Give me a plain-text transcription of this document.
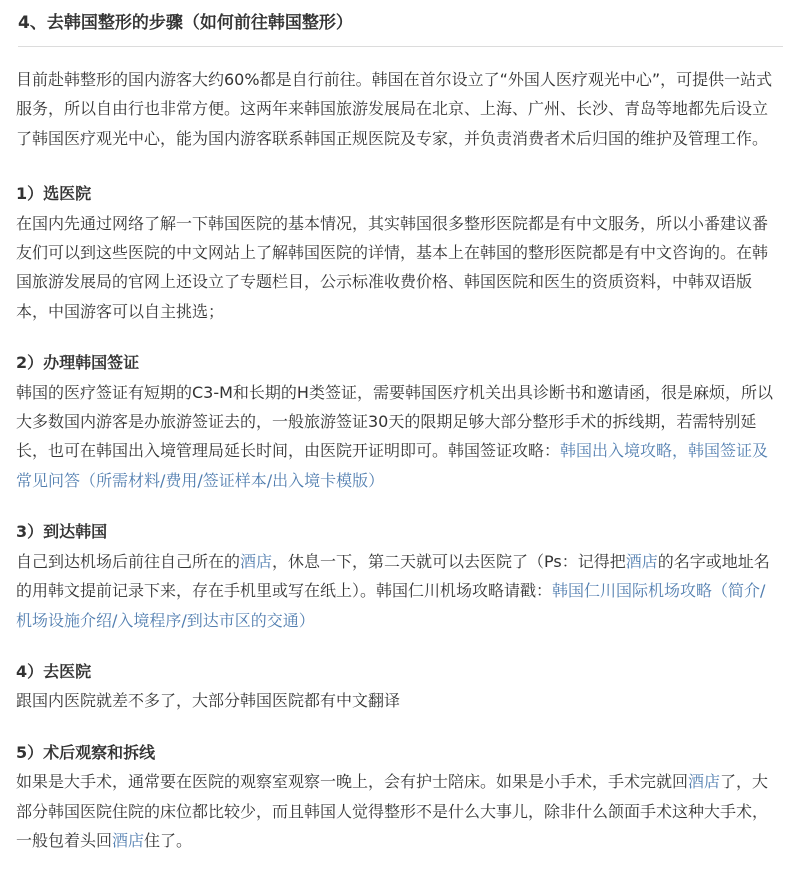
4、去韩国整形的步骤（如何前往韩国整形）

目前赴韩整形的国内游客大约60%都是自行前往。韩国在首尔设立了“外国人医疗观光中心”，可提供一站式服务，所以自由行也非常方便。这两年来韩国旅游发展局在北京、上海、广州、长沙、青岛等地都先后设立了韩国医疗观光中心，能为国内游客联系韩国正规医院及专家，并负责消费者术后归国的维护及管理工作。

1）选医院

在国内先通过网络了解一下韩国医院的基本情况，其实韩国很多整形医院都是有中文服务，所以小番建议番友们可以到这些医院的中文网站上了解韩国医院的详情，基本上在韩国的整形医院都是有中文咨询的。在韩国旅游发展局的官网上还设立了专题栏目，公示标准收费价格、韩国医院和医生的资质资料，中韩双语版本，中国游客可以自主挑选；

2）办理韩国签证

韩国的医疗签证有短期的C3-M和长期的H类签证，需要韩国医疗机关出具诊断书和邀请函，很是麻烦，所以大多数国内游客是办旅游签证去的，一般旅游签证30天的限期足够大部分整形手术的拆线期，若需特别延长，也可在韩国出入境管理局延长时间，由医院开证明即可。韩国签证攻略：韩国出入境攻略，韩国签证及常见问答（所需材料/费用/签证样本/出入境卡模版）

3）到达韩国

自己到达机场后前往自己所在的酒店，休息一下，第二天就可以去医院了（Ps：记得把酒店的名字或地址名的用韩文提前记录下来，存在手机里或写在纸上）。韩国仁川机场攻略请戳：韩国仁川国际机场攻略（简介/机场设施介绍/入境程序/到达市区的交通）

4）去医院

跟国内医院就差不多了，大部分韩国医院都有中文翻译

5）术后观察和拆线

如果是大手术，通常要在医院的观察室观察一晚上，会有护士陪床。如果是小手术，手术完就回酒店了，大部分韩国医院住院的床位都比较少，而且韩国人觉得整形不是什么大事儿，除非什么颌面手术这种大手术，一般包着头回酒店住了。
